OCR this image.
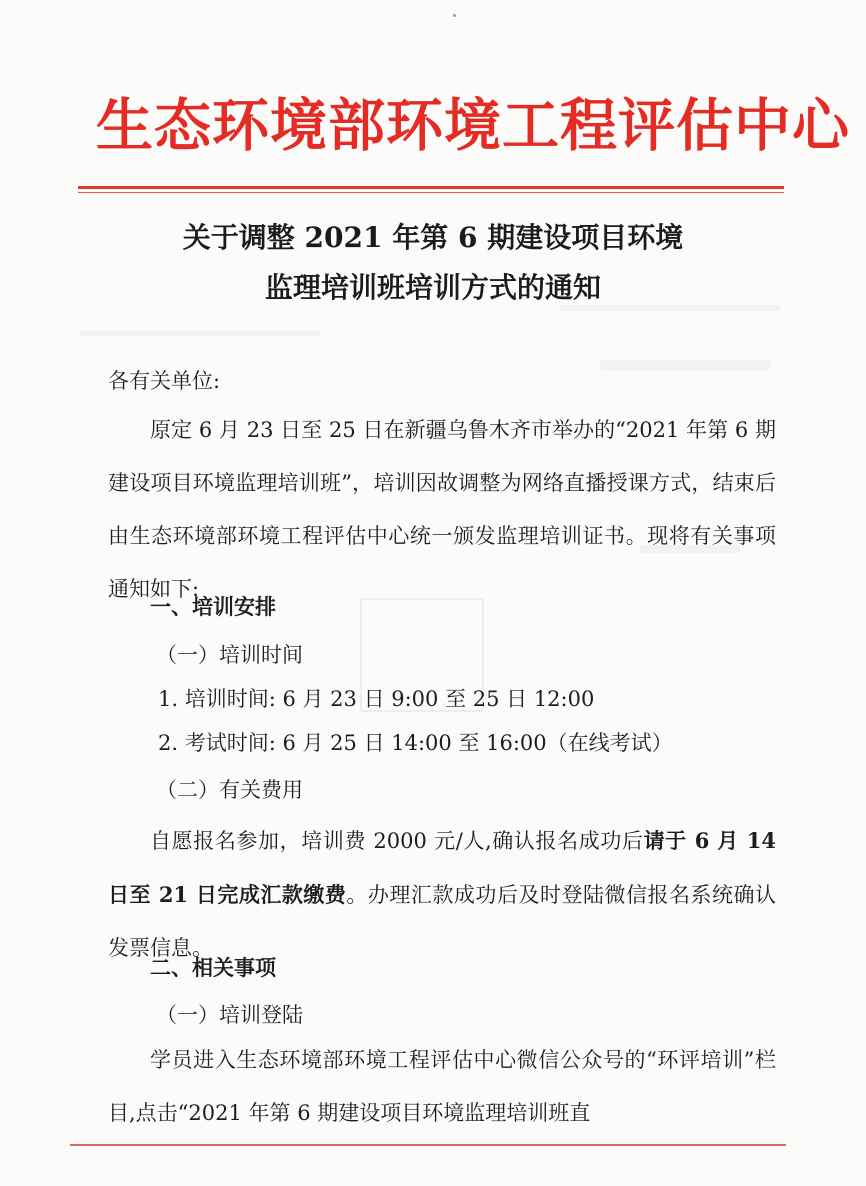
生态环境部环境工程评估中心
关于调整 2021 年第 6 期建设项目环境
监理培训班培训方式的通知
各有关单位:
原定 6 月 23 日至 25 日在新疆乌鲁木齐市举办的“2021 年第 6 期建设项目环境监理培训班”，培训因故调整为网络直播授课方式，结束后由生态环境部环境工程评估中心统一颁发监理培训证书。现将有关事项通知如下:
一、培训安排
（一）培训时间
1. 培训时间: 6 月 23 日 9:00 至 25 日 12:00
2. 考试时间: 6 月 25 日 14:00 至 16:00（在线考试）
（二）有关费用
自愿报名参加，培训费 2000 元/人,确认报名成功后请于 6 月 14 日至 21 日完成汇款缴费。办理汇款成功后及时登陆微信报名系统确认发票信息。
二、相关事项
（一）培训登陆
学员进入生态环境部环境工程评估中心微信公众号的“环评培训”栏目,点击“2021 年第 6 期建设项目环境监理培训班直
